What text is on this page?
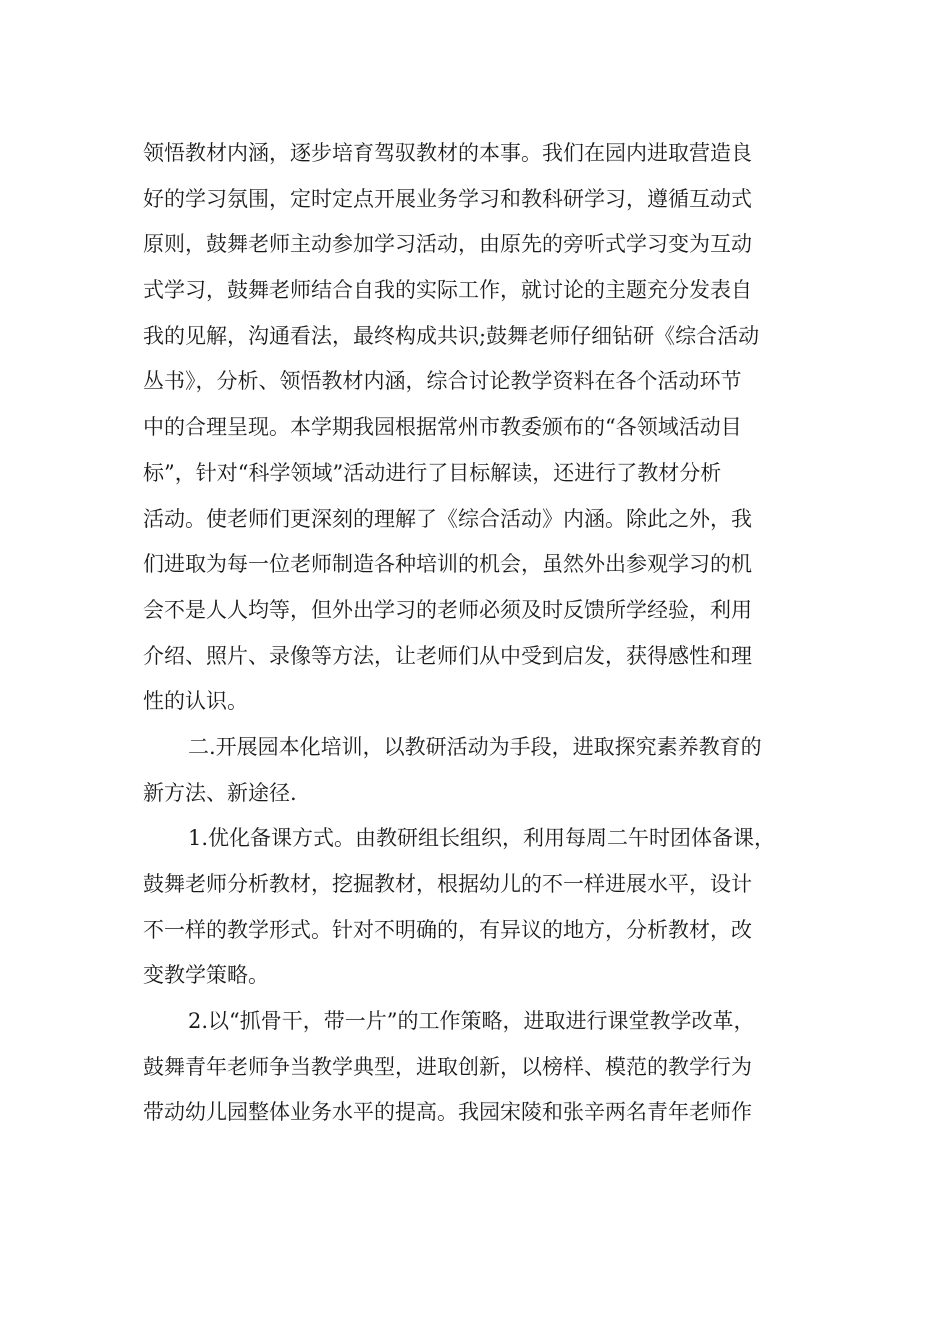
领悟教材内涵，逐步培育驾驭教材的本事。我们在园内进取营造良
好的学习氛围，定时定点开展业务学习和教科研学习，遵循互动式
原则，鼓舞老师主动参加学习活动，由原先的旁听式学习变为互动
式学习，鼓舞老师结合自我的实际工作，就讨论的主题充分发表自
我的见解，沟通看法，最终构成共识;鼓舞老师仔细钻研《综合活动
丛书》，分析、领悟教材内涵，综合讨论教学资料在各个活动环节
中的合理呈现。本学期我园根据常州市教委颁布的“各领域活动目
标”，针对“科学领域”活动进行了目标解读，还进行了教材分析
活动。使老师们更深刻的理解了《综合活动》内涵。除此之外，我
们进取为每一位老师制造各种培训的机会，虽然外出参观学习的机
会不是人人均等，但外出学习的老师必须及时反馈所学经验，利用
介绍、照片、录像等方法，让老师们从中受到启发，获得感性和理
性的认识。

二.开展园本化培训，以教研活动为手段，进取探究素养教育的
新方法、新途径.

1.优化备课方式。由教研组长组织，利用每周二午时团体备课，
鼓舞老师分析教材，挖掘教材，根据幼儿的不一样进展水平，设计
不一样的教学形式。针对不明确的，有异议的地方，分析教材，改
变教学策略。

2.以“抓骨干，带一片”的工作策略，进取进行课堂教学改革，
鼓舞青年老师争当教学典型，进取创新，以榜样、模范的教学行为
带动幼儿园整体业务水平的提高。我园宋陵和张辛两名青年老师作
